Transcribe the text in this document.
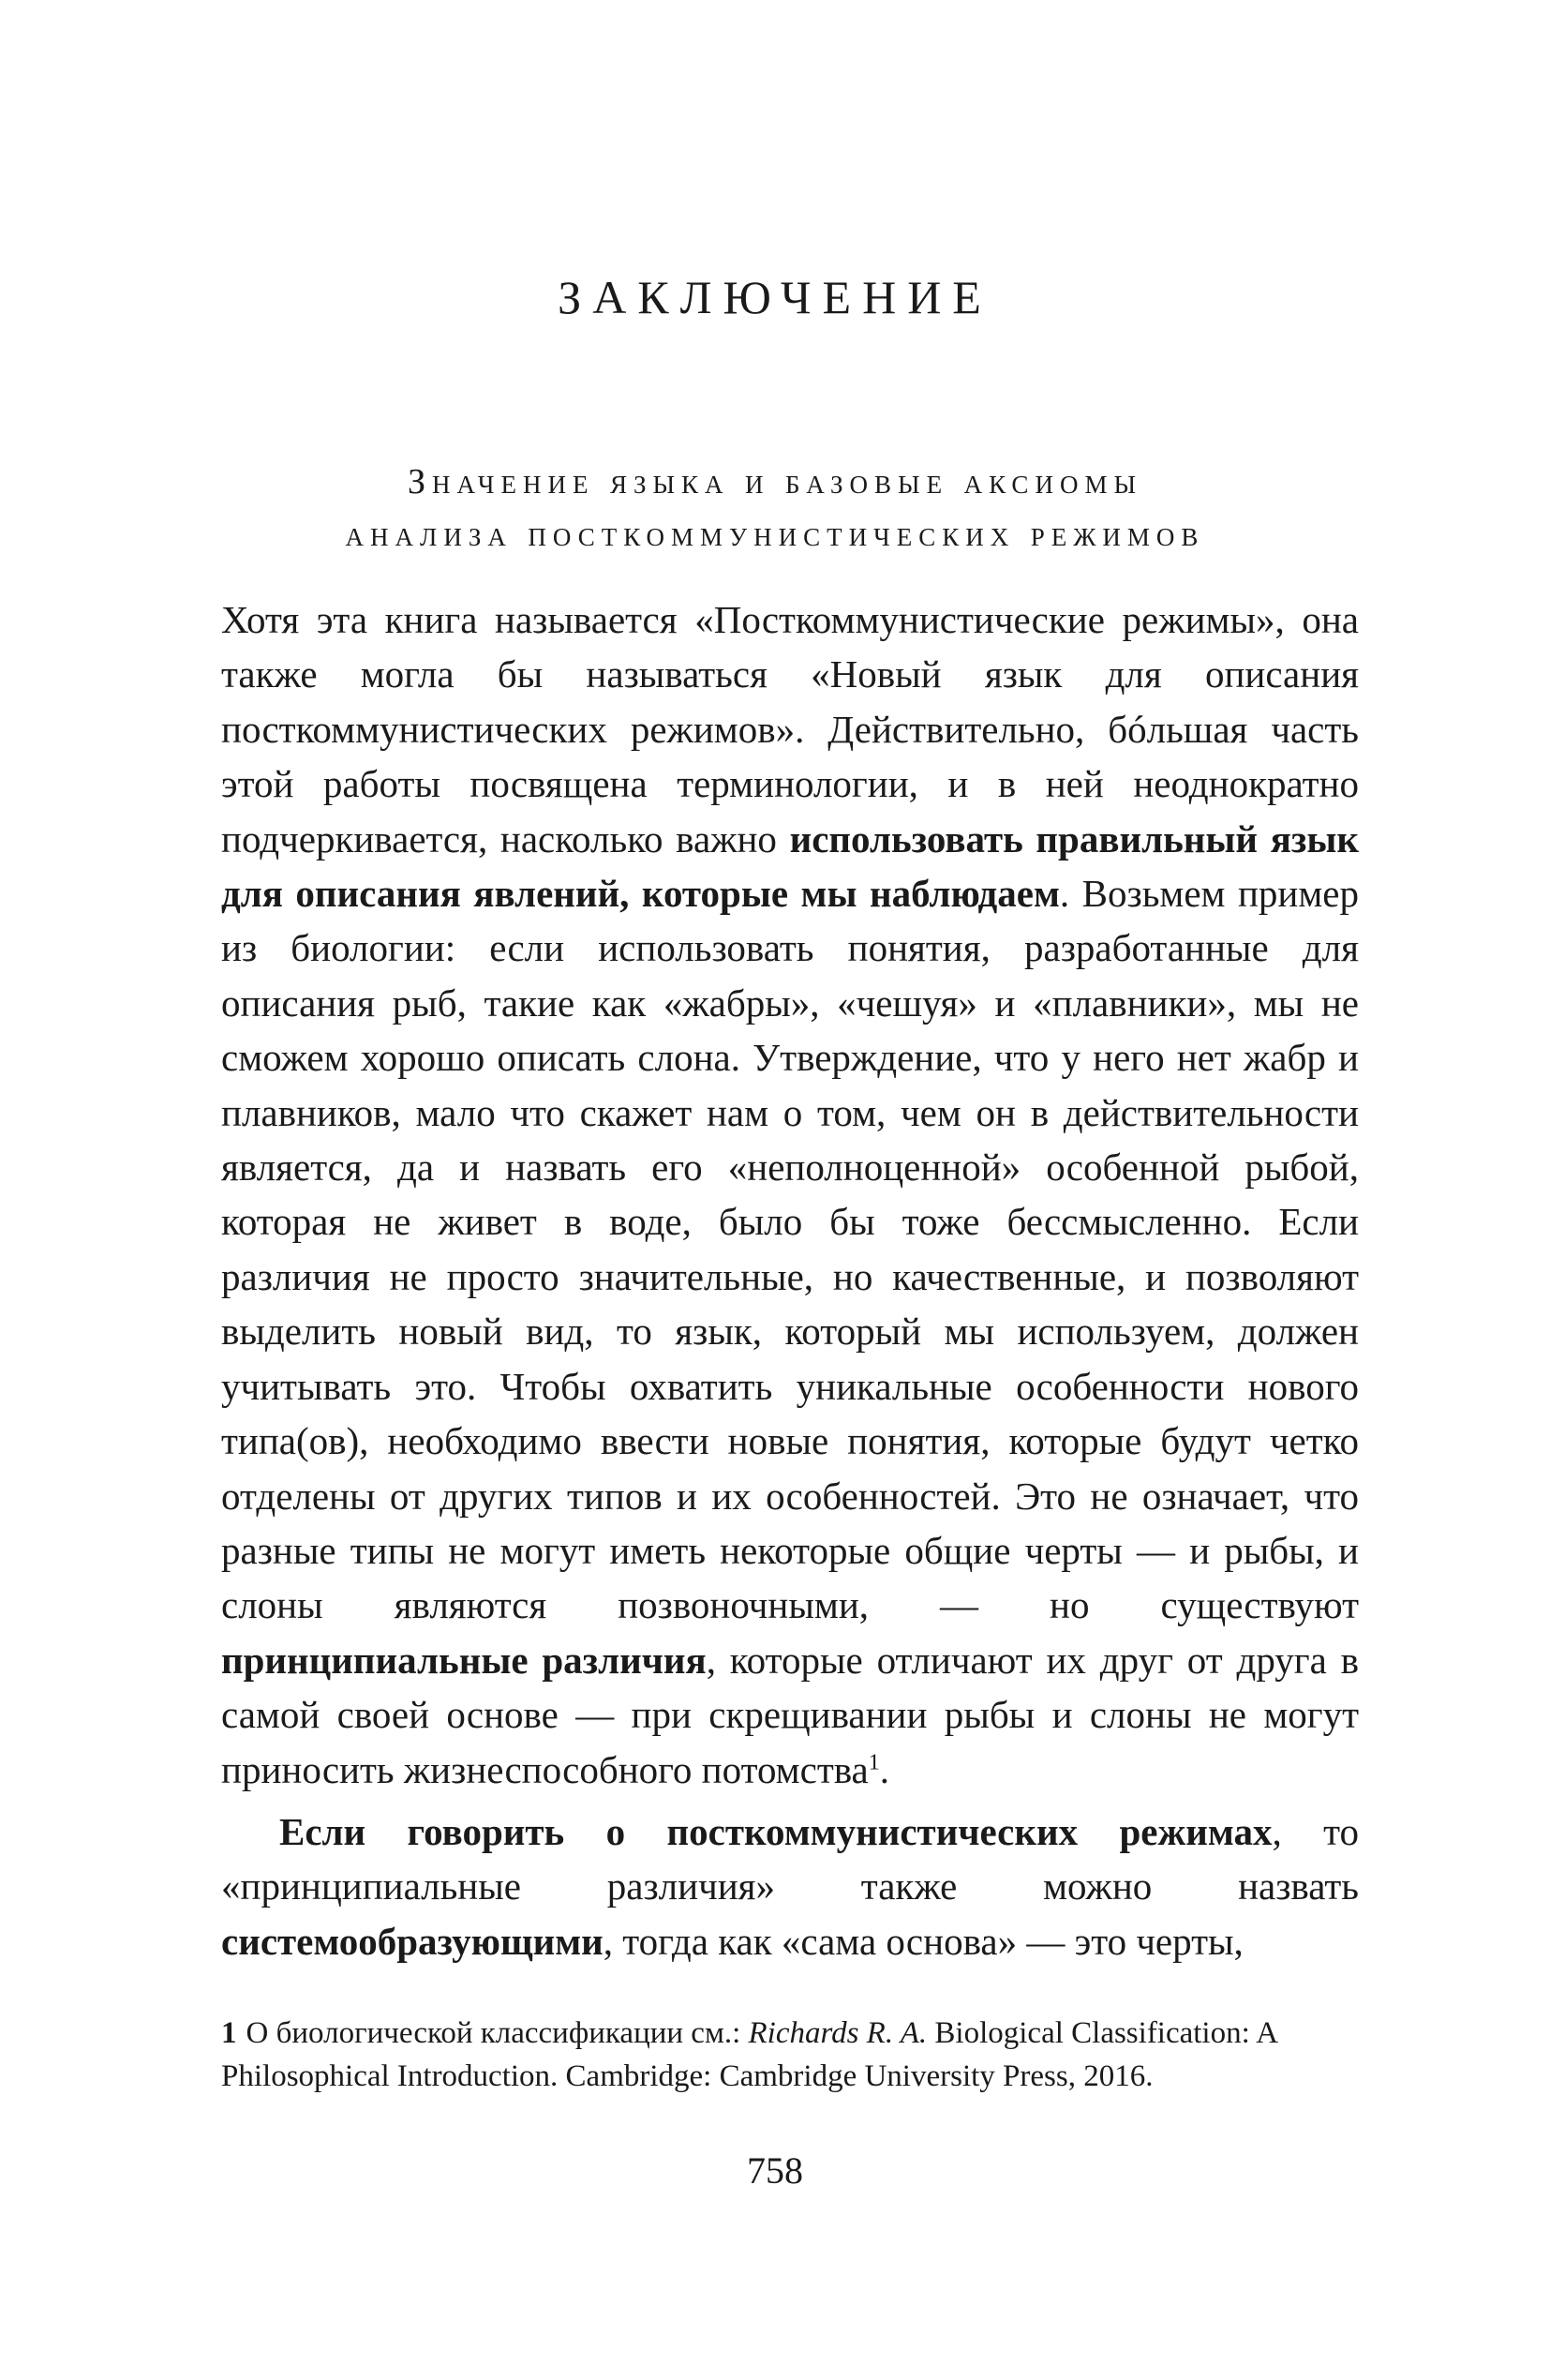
ЗАКЛЮЧЕНИЕ
Значение языка и базовые аксиомы
анализа посткоммунистических режимов

Хотя эта книга называется «Посткоммунистические режимы», она также могла бы называться «Новый язык для описания посткоммунистических режимов». Действительно, бóльшая часть этой работы посвящена терминологии, и в ней неоднократно подчеркивается, насколько важно использовать правильный язык для описания явлений, которые мы наблюдаем. Возьмем пример из биологии: если использовать понятия, разработанные для описания рыб, такие как «жабры», «чешуя» и «плавники», мы не сможем хорошо описать слона. Утверждение, что у него нет жабр и плавников, мало что скажет нам о том, чем он в действительности является, да и назвать его «неполноценной» особенной рыбой, которая не живет в воде, было бы тоже бессмысленно. Если различия не просто значительные, но качественные, и позволяют выделить новый вид, то язык, который мы используем, должен учитывать это. Чтобы охватить уникальные особенности нового типа(ов), необходимо ввести новые понятия, которые будут четко отделены от других типов и их особенностей. Это не означает, что разные типы не могут иметь некоторые общие черты — и рыбы, и слоны являются позвоночными, — но существуют принципиальные различия, которые отличают их друг от друга в самой своей основе — при скрещивании рыбы и слоны не могут приносить жизнеспособного потомства$^1$.

Если говорить о посткоммунистических режимах, то «принципиальные различия» также можно назвать системообразующими, тогда как «сама основа» — это черты,

1 О биологической классификации см.: Richards R. A. Biological Classification: A Philosophical Introduction. Cambridge: Cambridge University Press, 2016.

758
